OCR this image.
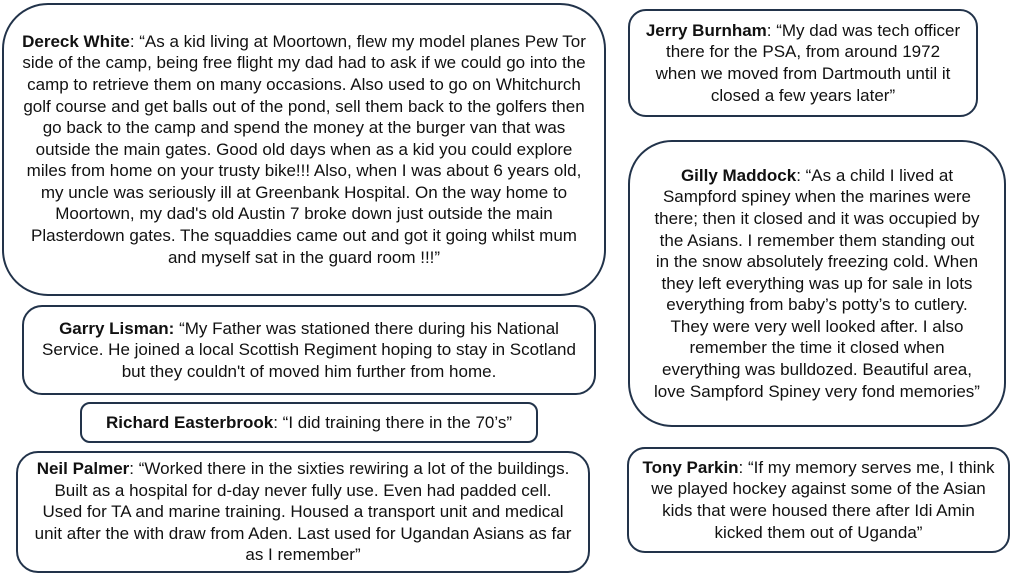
Dereck White: “As a kid living at Moortown, flew my model planes Pew Tor side of the camp, being free flight my dad had to ask if we could go into the camp to retrieve them on many occasions. Also used to go on Whitchurch golf course and get balls out of the pond, sell them back to the golfers then go back to the camp and spend the money at the burger van that was outside the main gates. Good old days when as a kid you could explore miles from home on your trusty bike!!! Also, when I was about 6 years old, my uncle was seriously ill at Greenbank Hospital. On the way home to Moortown, my dad's old Austin 7 broke down just outside the main Plasterdown gates. The squaddies came out and got it going whilst mum and myself sat in the guard room !!!”

Garry Lisman: “My Father was stationed there during his National Service. He joined a local Scottish Regiment hoping to stay in Scotland but they couldn't of moved him further from home.

Richard Easterbrook: “I did training there in the 70’s”

Neil Palmer: “Worked there in the sixties rewiring a lot of the buildings. Built as a hospital for d-day never fully use. Even had padded cell. Used for TA and marine training. Housed a transport unit and medical unit after the with draw from Aden. Last used for Ugandan Asians as far as I remember”

Jerry Burnham: “My dad was tech officer there for the PSA, from around 1972 when we moved from Dartmouth until it closed a few years later”

Gilly Maddock: “As a child I lived at Sampford spiney when the marines were there; then it closed and it was occupied by the Asians. I remember them standing out in the snow absolutely freezing cold. When they left everything was up for sale in lots everything from baby’s potty’s to cutlery. They were very well looked after. I also remember the time it closed when everything was bulldozed. Beautiful area, love Sampford Spiney very fond memories”

Tony Parkin: “If my memory serves me, I think we played hockey against some of the Asian kids that were housed there after Idi Amin kicked them out of Uganda”
